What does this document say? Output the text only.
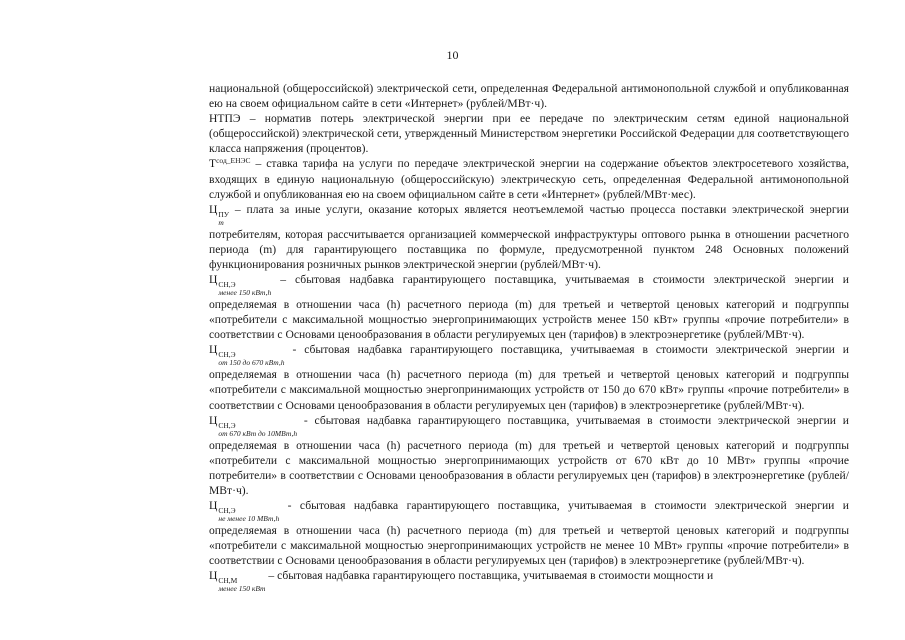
10

национальной (общероссийской) электрической сети, определенная Федеральной антимонопольной службой и опубликованная ею на своем официальном сайте в сети «Интернет» (рублей/МВт·ч).

НТПЭ – норматив потерь электрической энергии при ее передаче по электрическим сетям единой национальной (общероссийской) электрической сети, утвержденный Министерством энергетики Российской Федерации для соответствующего класса напряжения (процентов).

$Т^{сод\_ЕНЭС}$ – ставка тарифа на услуги по передаче электрической энергии на содержание объектов электросетевого хозяйства, входящих в единую национальную (общероссийскую) электрическую сеть, определенная Федеральной антимонопольной службой и опубликованная ею на своем официальном сайте в сети «Интернет» (рублей/МВт·мес).

Ц ПУ
m
– плата за иные услуги, оказание которых является неотъемлемой частью процесса поставки электрической энергии потребителям, которая рассчитывается организацией коммерческой инфраструктуры оптового рынка в отношении расчетного периода (m) для гарантирующего поставщика по формуле, предусмотренной пунктом 248 Основных положений функционирования розничных рынков электрической энергии (рублей/МВт·ч).

Ц СН,Э
менее 150 кВт,h
– сбытовая надбавка гарантирующего поставщика, учитываемая в стоимости электрической энергии и определяемая в отношении часа (h) расчетного периода (m) для третьей и четвертой ценовых категорий и подгруппы «потребители с максимальной мощностью энергопринимающих устройств менее 150 кВт» группы «прочие потребители» в соответствии с Основами ценообразования в области регулируемых цен (тарифов) в электроэнергетике (рублей/МВт·ч).

Ц СН,Э
от 150 до 670 кВт,h
- сбытовая надбавка гарантирующего поставщика, учитываемая в стоимости электрической энергии и определяемая в отношении часа (h) расчетного периода (m) для третьей и четвертой ценовых категорий и подгруппы «потребители с максимальной мощностью энергопринимающих устройств от 150 до 670 кВт» группы «прочие потребители» в соответствии с Основами ценообразования в области регулируемых цен (тарифов) в электроэнергетике (рублей/МВт·ч).

Ц СН,Э
от 670 кВт до 10МВт,h
- сбытовая надбавка гарантирующего поставщика, учитываемая в стоимости электрической энергии и определяемая в отношении часа (h) расчетного периода (m) для третьей и четвертой ценовых категорий и подгруппы «потребители с максимальной мощностью энергопринимающих устройств от 670 кВт до 10 МВт» группы «прочие потребители» в соответствии с Основами ценообразования в области регулируемых цен (тарифов) в электроэнергетике (рублей/МВт·ч).

Ц СН,Э
не менее 10 МВт,h
- сбытовая надбавка гарантирующего поставщика, учитываемая в стоимости электрической энергии и определяемая в отношении часа (h) расчетного периода (m) для третьей и четвертой ценовых категорий и подгруппы «потребители с максимальной мощностью энергопринимающих устройств не менее 10 МВт» группы «прочие потребители» в соответствии с Основами ценообразования в области регулируемых цен (тарифов) в электроэнергетике (рублей/МВт·ч).

Ц СН,М
менее 150 кВт
– сбытовая надбавка гарантирующего поставщика, учитываемая в стоимости мощности и
